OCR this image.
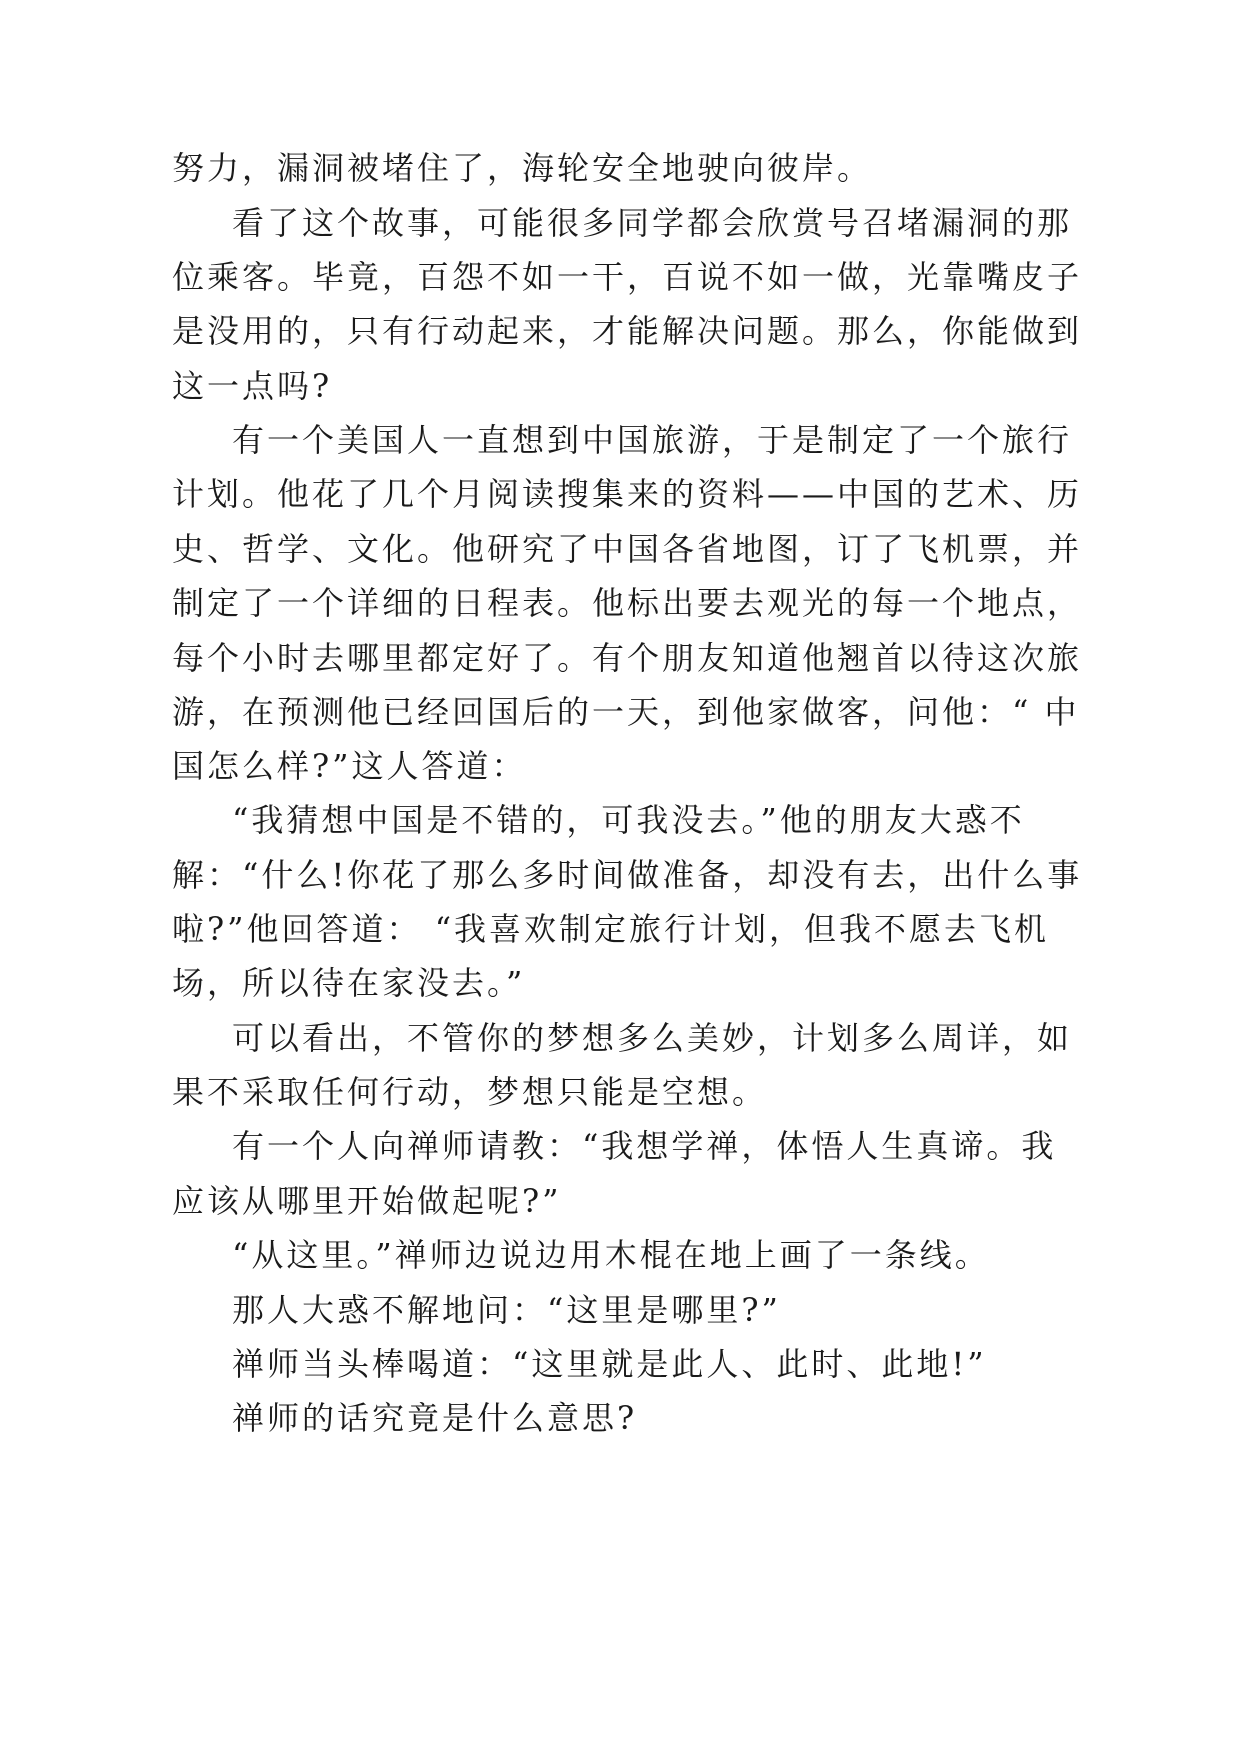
努力，漏洞被堵住了，海轮安全地驶向彼岸。
看了这个故事，可能很多同学都会欣赏号召堵漏洞的那
位乘客。毕竟，百怨不如一干，百说不如一做，光靠嘴皮子
是没用的，只有行动起来，才能解决问题。那么，你能做到
这一点吗?
有一个美国人一直想到中国旅游，于是制定了一个旅行
计划。他花了几个月阅读搜集来的资料——中国的艺术、历
史、哲学、文化。他研究了中国各省地图，订了飞机票，并
制定了一个详细的日程表。他标出要去观光的每一个地点，
每个小时去哪里都定好了。有个朋友知道他翘首以待这次旅
游，在预测他已经回国后的一天，到他家做客，问他：“ 中
国怎么样?”这人答道：
“我猜想中国是不错的，可我没去。”他的朋友大惑不
解：“什么!你花了那么多时间做准备，却没有去，出什么事
啦?”他回答道： “我喜欢制定旅行计划，但我不愿去飞机
场，所以待在家没去。”
可以看出，不管你的梦想多么美妙，计划多么周详，如
果不采取任何行动，梦想只能是空想。
有一个人向禅师请教：“我想学禅，体悟人生真谛。我
应该从哪里开始做起呢?”
“从这里。”禅师边说边用木棍在地上画了一条线。
那人大惑不解地问：“这里是哪里?”
禅师当头棒喝道：“这里就是此人、此时、此地!”
禅师的话究竟是什么意思?
